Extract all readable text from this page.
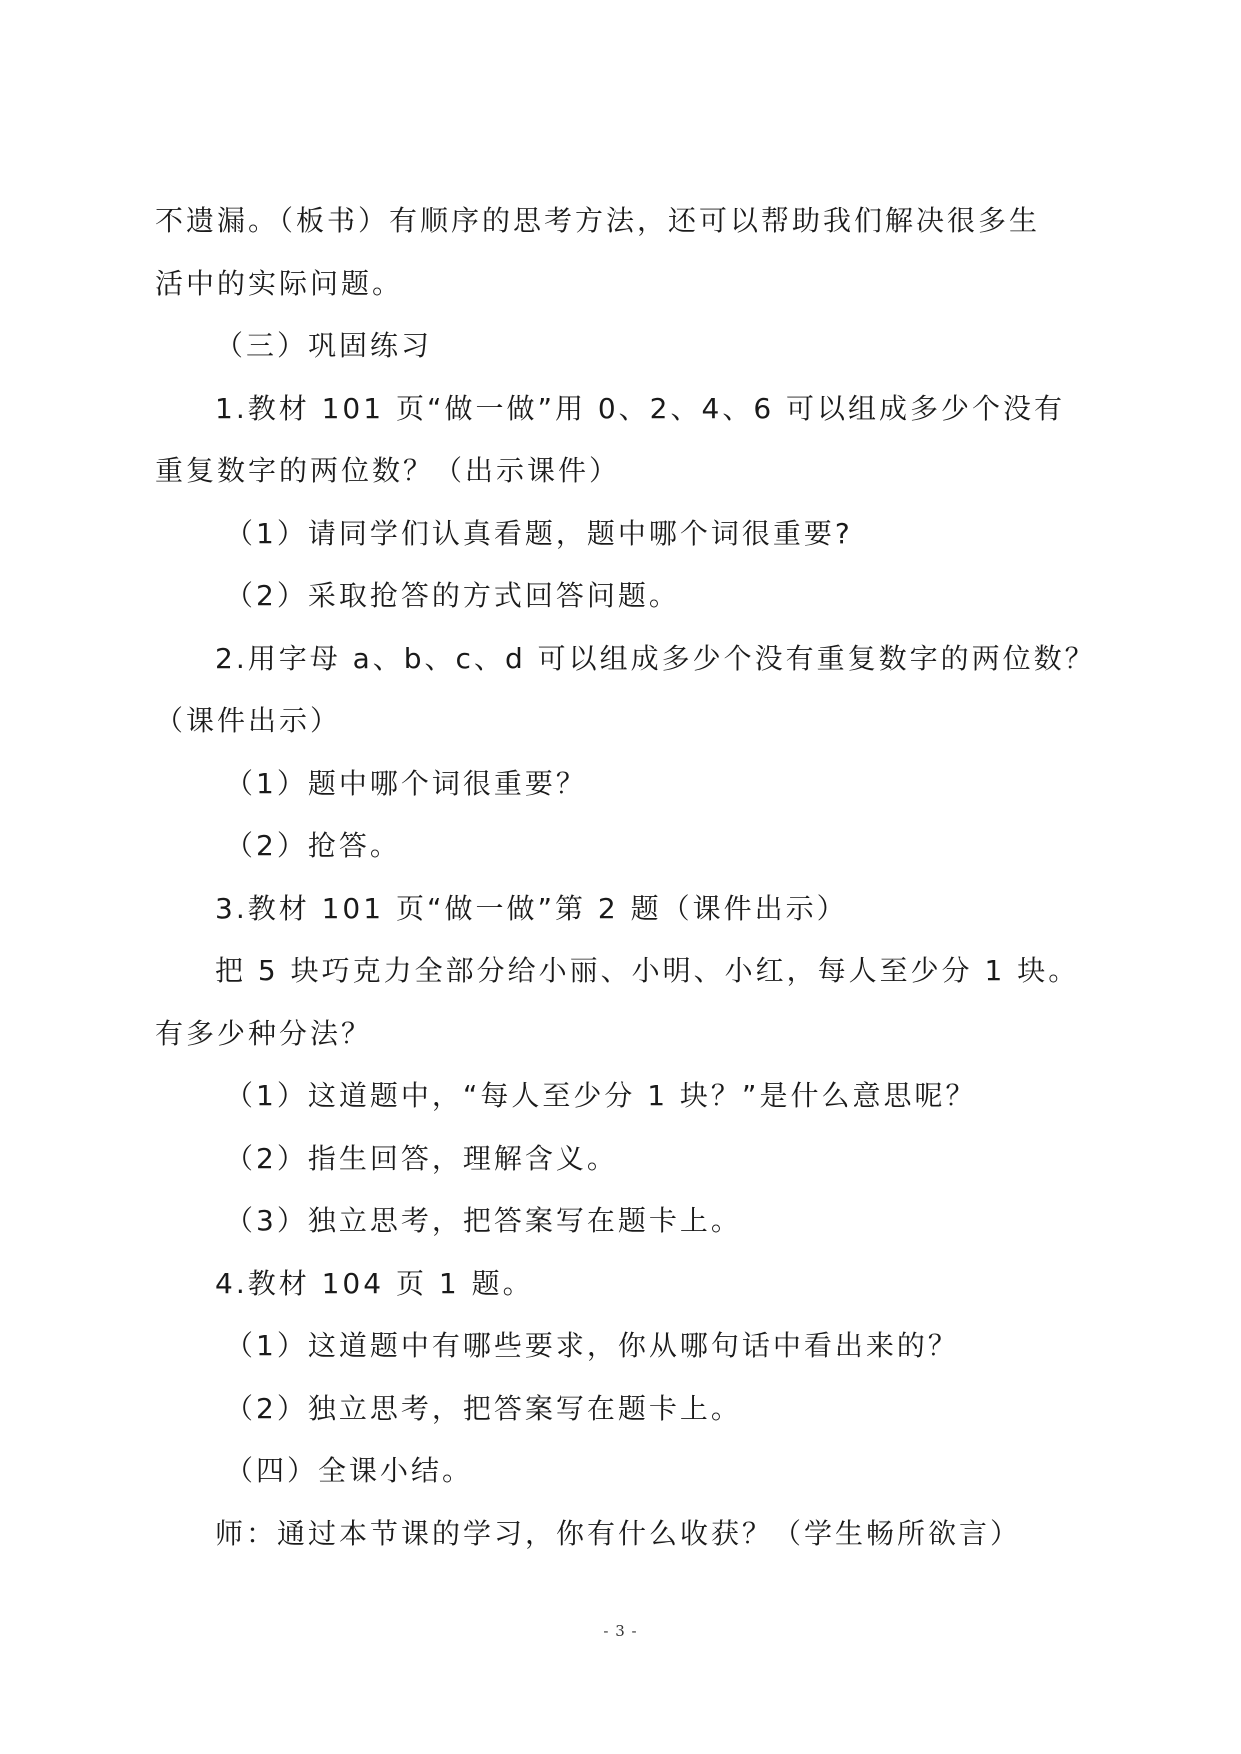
不遗漏。（板书）有顺序的思考方法，还可以帮助我们解决很多生

活中的实际问题。

（三）巩固练习

1.教材 101 页“做一做”用 0、2、4、6 可以组成多少个没有

重复数字的两位数？（出示课件）

（1）请同学们认真看题，题中哪个词很重要?

（2）采取抢答的方式回答问题。

2.用字母 a、b、c、d 可以组成多少个没有重复数字的两位数？

（课件出示）

（1）题中哪个词很重要？

（2）抢答。

3.教材 101 页“做一做”第 2 题（课件出示）

把 5 块巧克力全部分给小丽、小明、小红，每人至少分 1 块。

有多少种分法？

（1）这道题中，“每人至少分 1 块？”是什么意思呢？

（2）指生回答，理解含义。

（3）独立思考，把答案写在题卡上。

4.教材 104 页 1 题。

（1）这道题中有哪些要求，你从哪句话中看出来的？

（2）独立思考，把答案写在题卡上。

（四）全课小结。

师：通过本节课的学习，你有什么收获？（学生畅所欲言）

- 3 -
